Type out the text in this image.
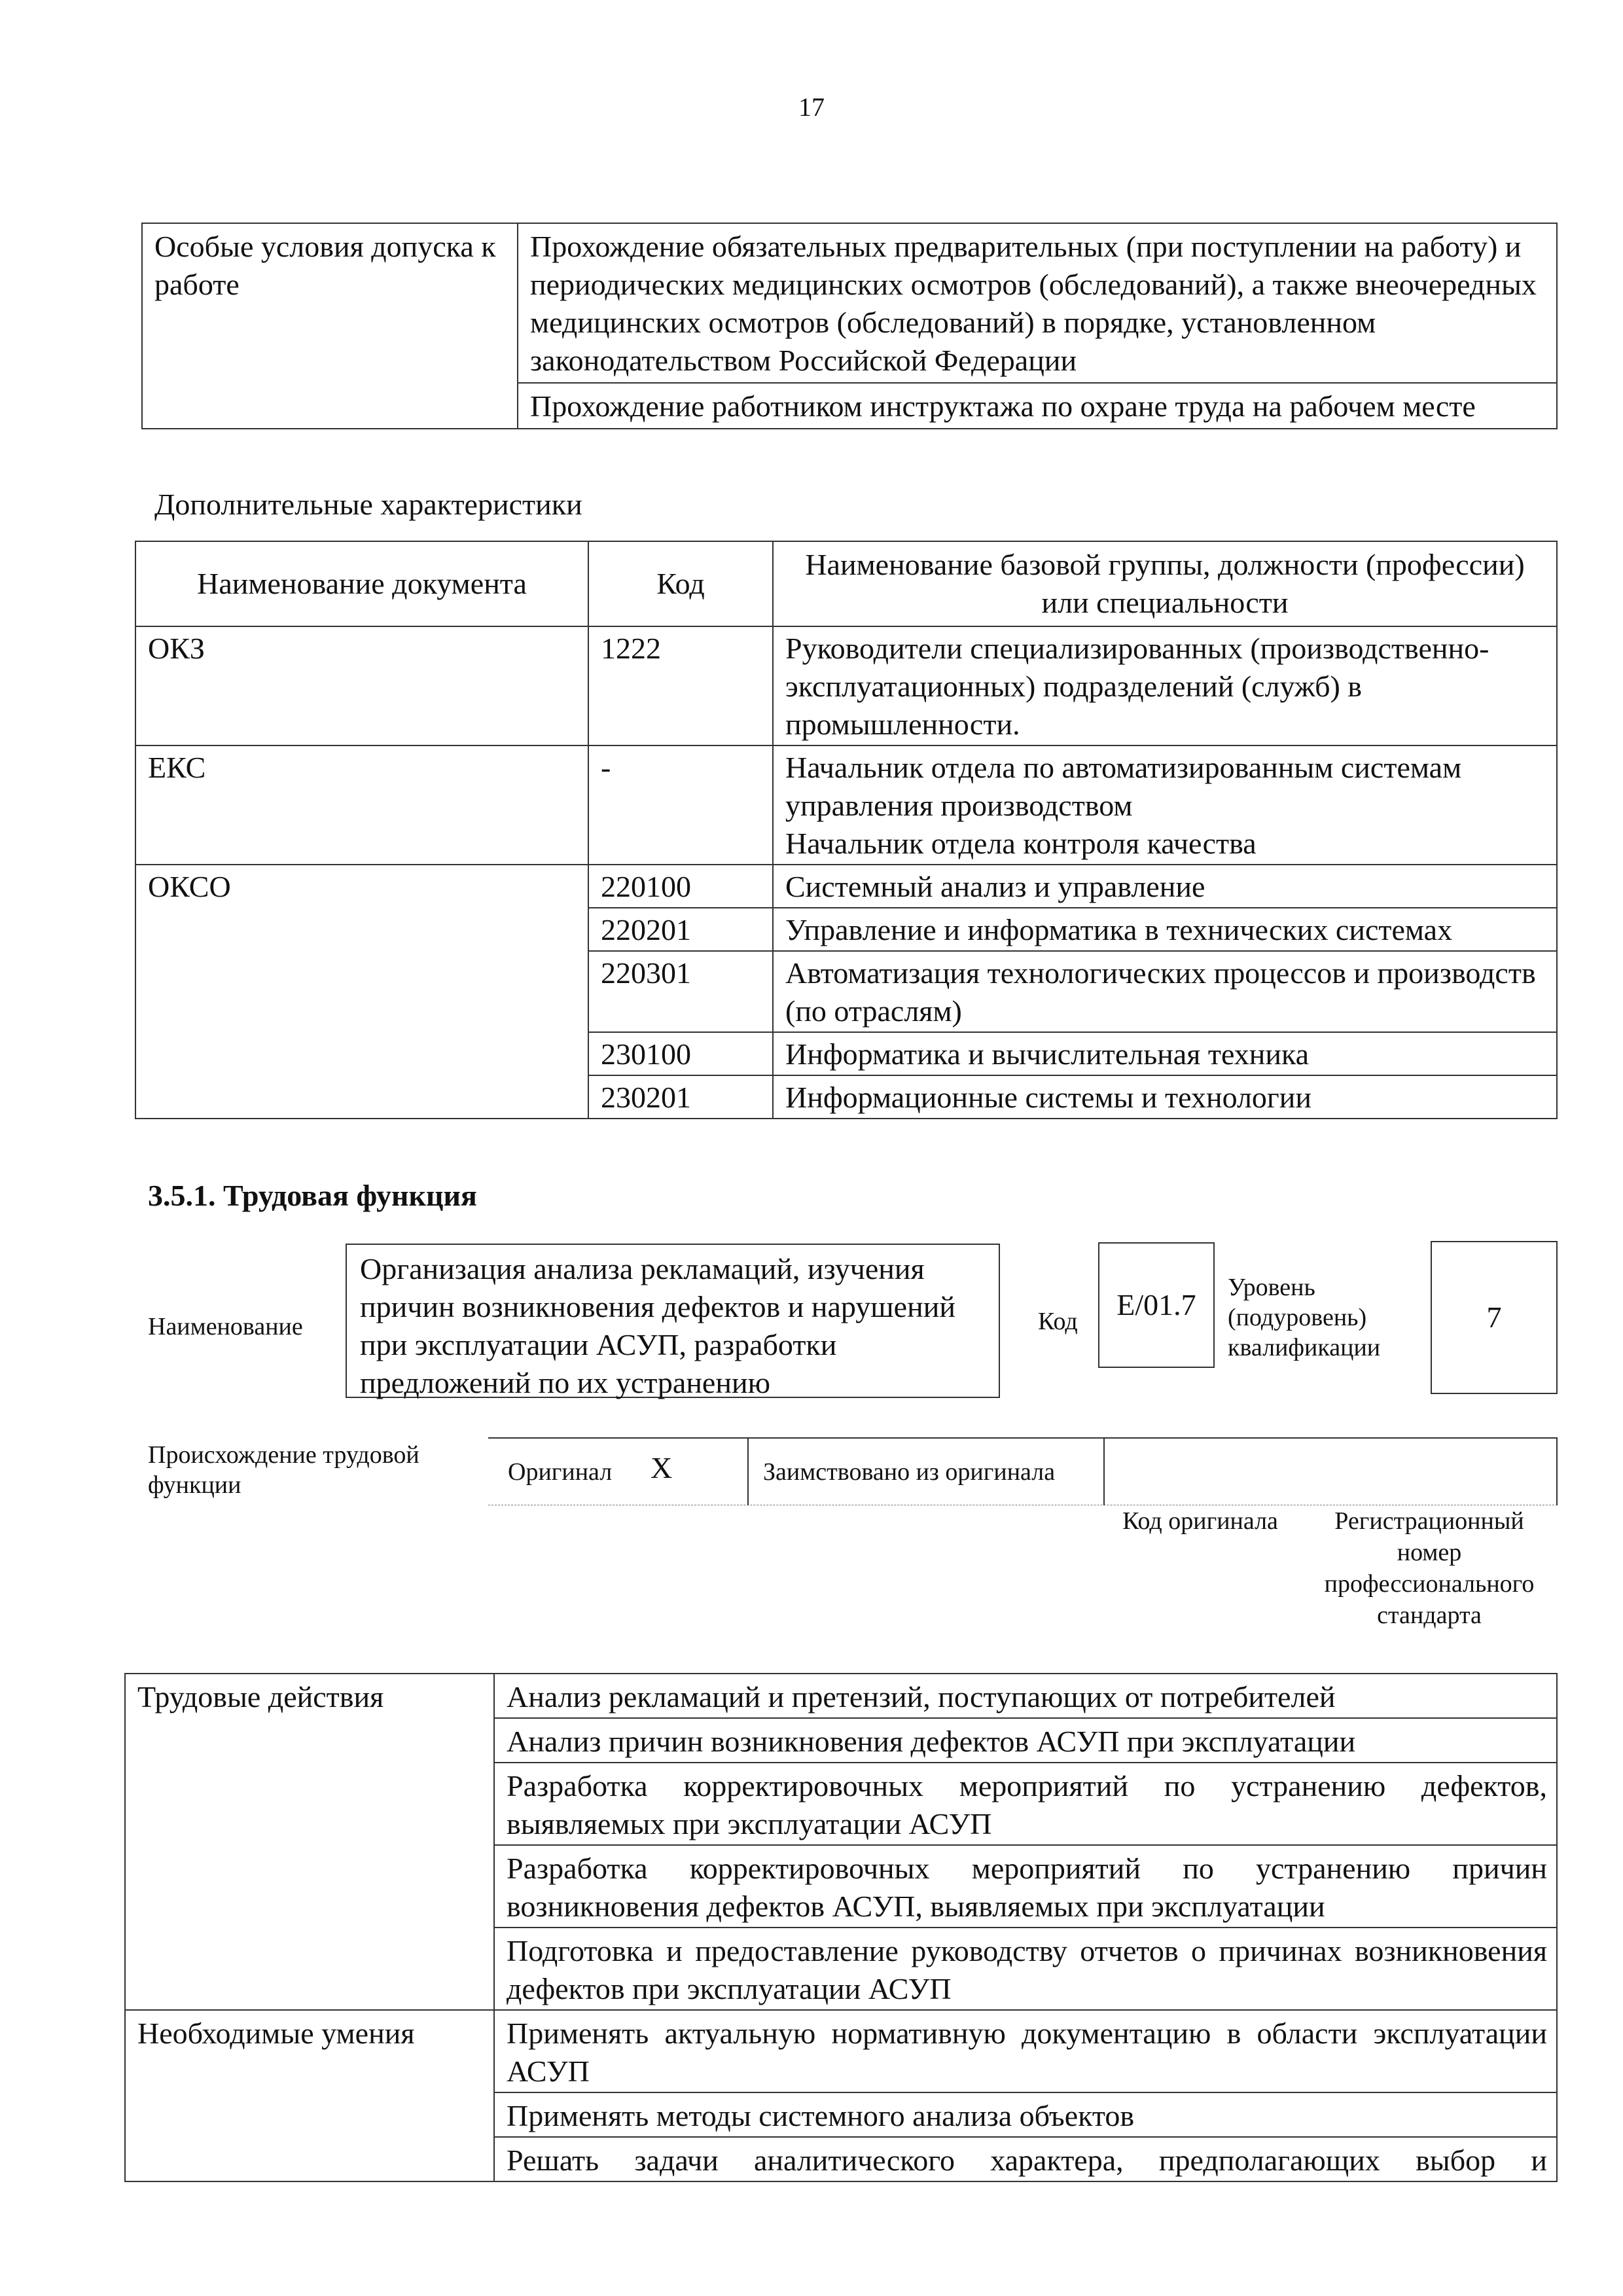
17
Особые условия допуска к работе	Прохождение обязательных предварительных (при поступлении на работу) и периодических медицинских осмотров (обследований), а также внеочередных медицинских осмотров (обследований) в порядке, установленном законодательством Российской Федерации
Прохождение работником инструктажа по охране труда на рабочем месте
Дополнительные характеристики
Наименование документа	Код	Наименование базовой группы, должности (профессии) или специальности
ОКЗ	1222	Руководители специализированных (производственно-эксплуатационных) подразделений (служб) в промышленности.
ЕКС	-	Начальник отдела по автоматизированным системам управления производством
Начальник отдела контроля качества

ОКСО	220100	Системный анализ и управление
	220201	Управление и информатика в технических системах
	220301	Автоматизация технологических процессов и производств (по отраслям)
	230100	Информатика и вычислительная техника
	230201	Информационные системы и технологии
3.5.1. Трудовая функция
Наименование
Организация анализа рекламаций, изучения причин возникновения дефектов и нарушений при эксплуатации АСУП, разработки предложений по их устранению
Код	E/01.7
Уровень (подуровень) квалификации
7
Происхождение трудовой функции	Оригинал X	Заимствовано из оригинала
Код оригинала	Регистрационный номер профессионального стандарта
Трудовые действия	Анализ рекламаций и претензий, поступающих от потребителей
	Анализ причин возникновения дефектов АСУП при эксплуатации
	Разработка корректировочных мероприятий по устранению дефектов, выявляемых при эксплуатации АСУП
	Разработка корректировочных мероприятий по устранению причин возникновения дефектов АСУП, выявляемых при эксплуатации
	Подготовка и предоставление руководству отчетов о причинах возникновения дефектов при эксплуатации АСУП
Необходимые умения	Применять актуальную нормативную документацию в области эксплуатации АСУП
	Применять методы системного анализа объектов
	Решать задачи аналитического характера, предполагающих выбор и
